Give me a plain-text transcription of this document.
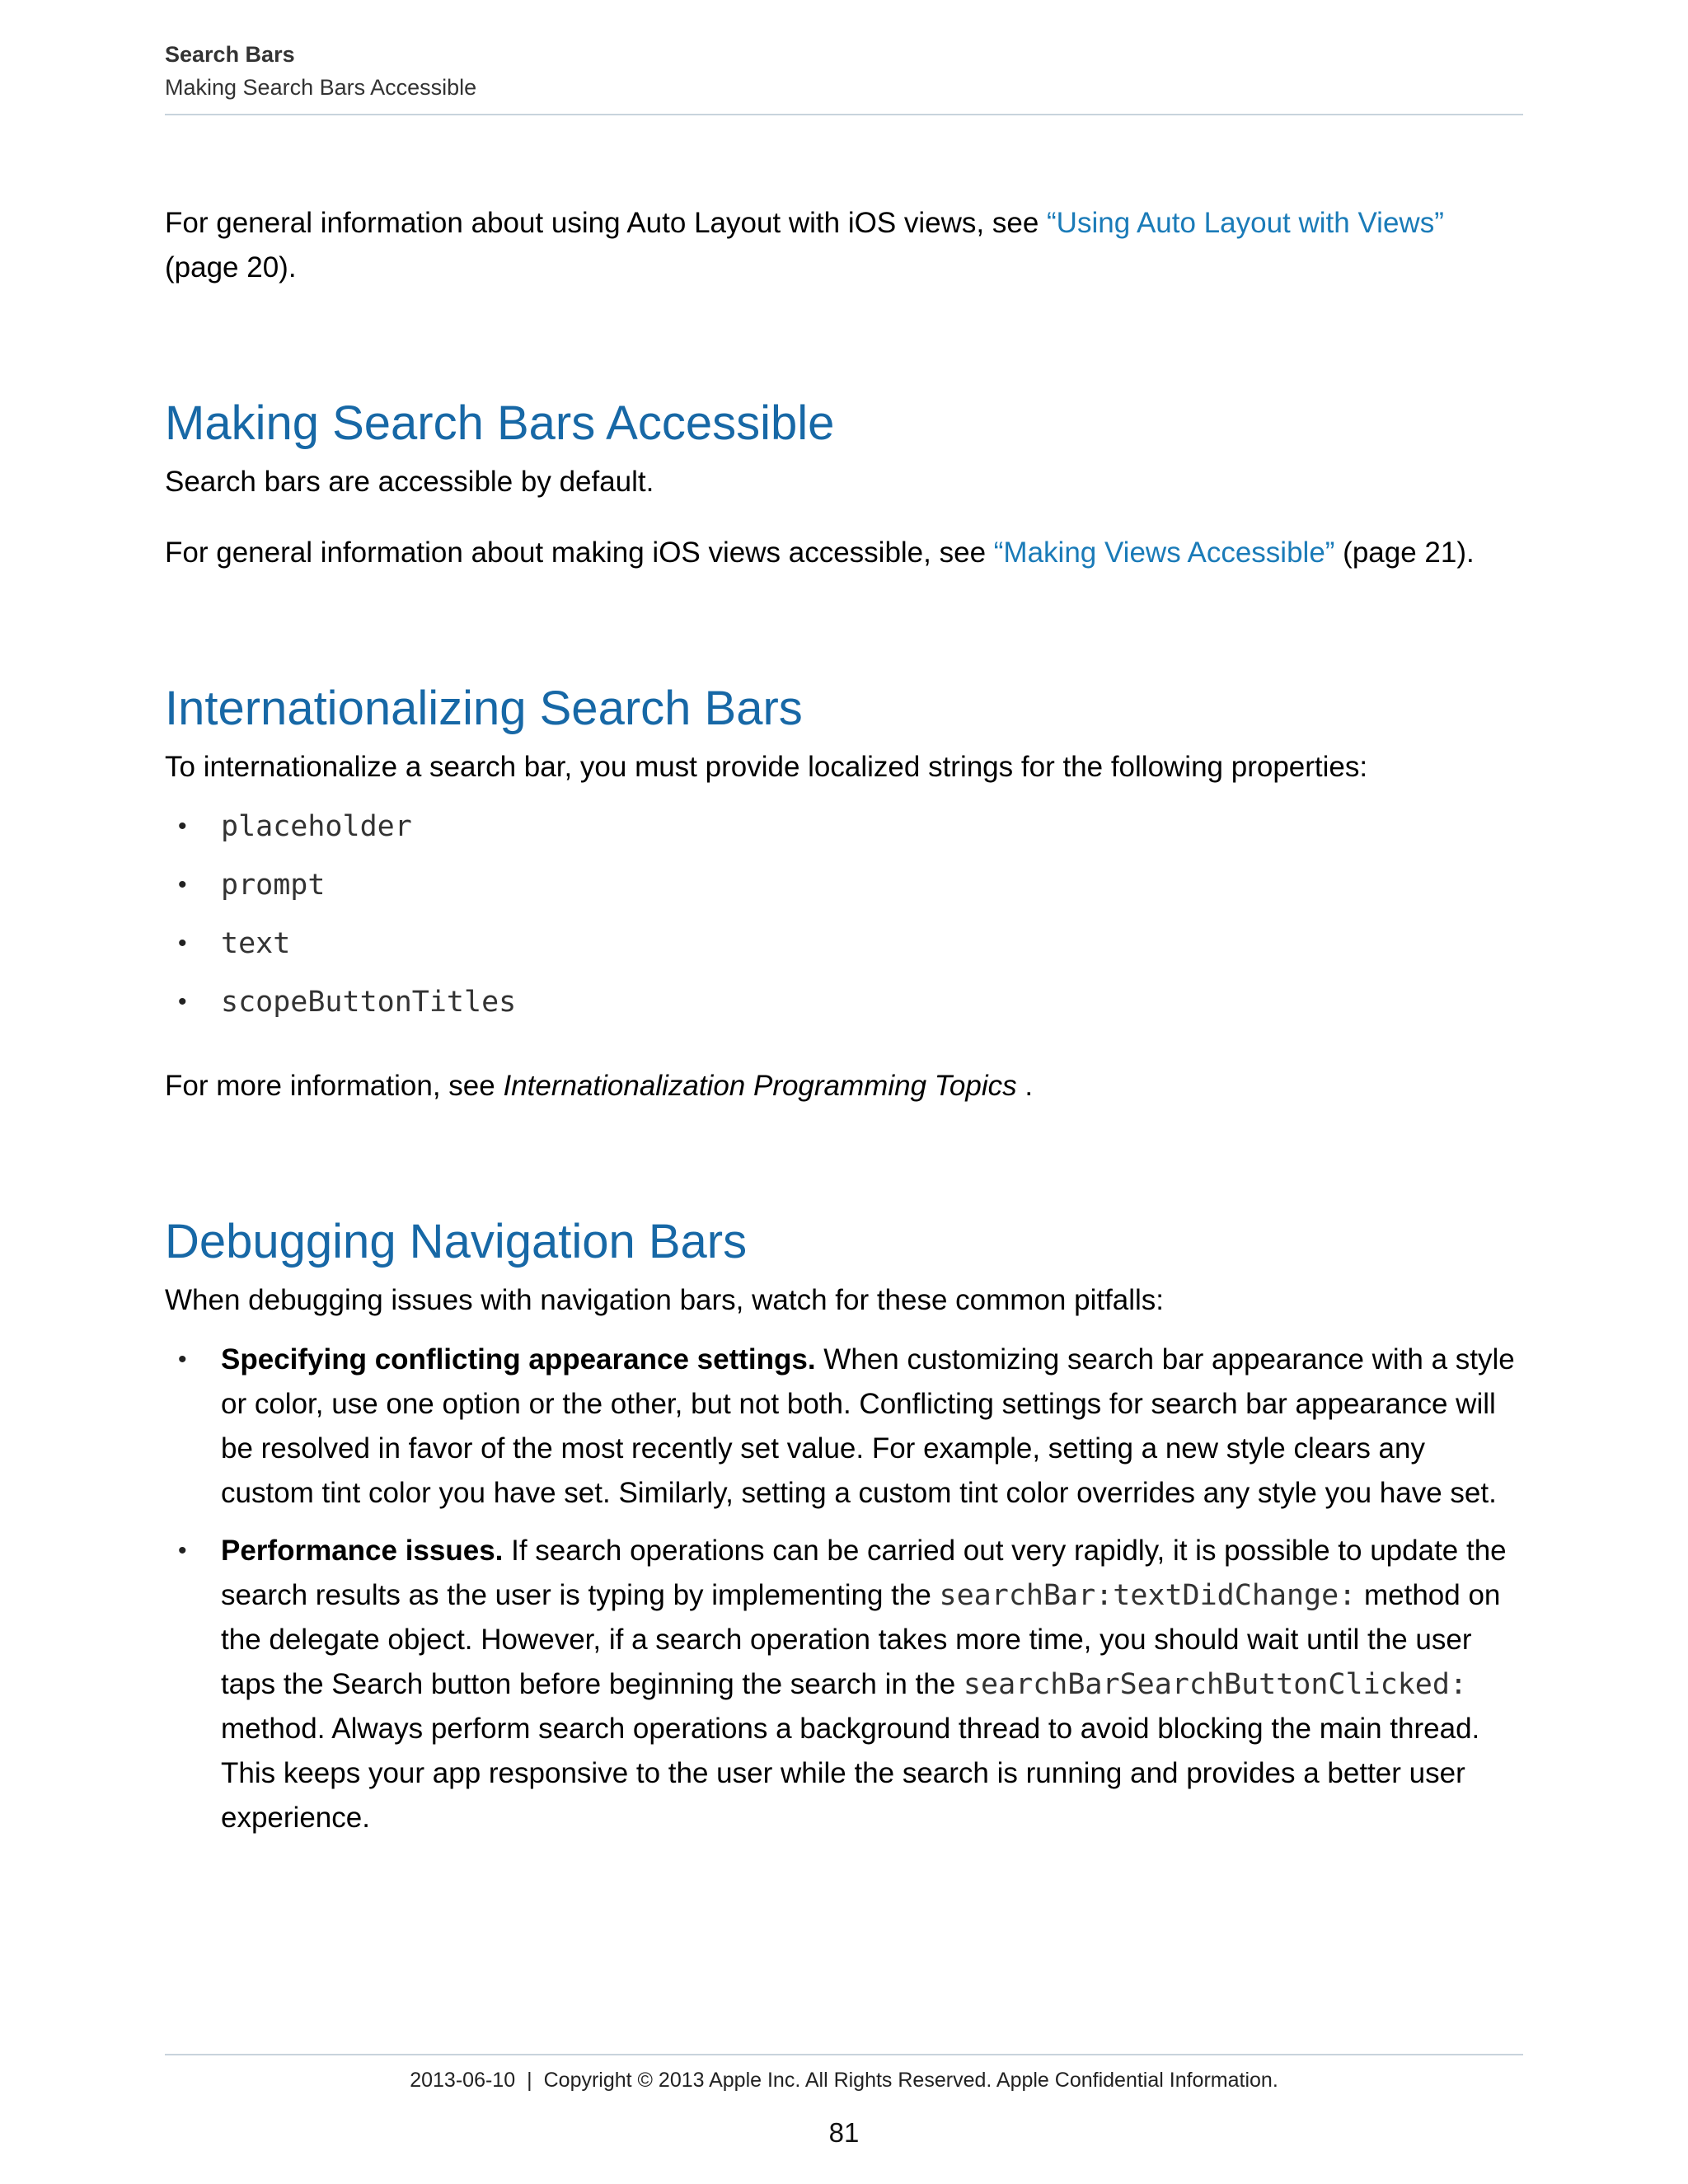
Search Bars
Making Search Bars Accessible

For general information about using Auto Layout with iOS views, see “Using Auto Layout with Views” (page 20).

Making Search Bars Accessible

Search bars are accessible by default.

For general information about making iOS views accessible, see “Making Views Accessible” (page 21).

Internationalizing Search Bars

To internationalize a search bar, you must provide localized strings for the following properties:

• placeholder
• prompt
• text
• scopeButtonTitles

For more information, see Internationalization Programming Topics .

Debugging Navigation Bars

When debugging issues with navigation bars, watch for these common pitfalls:

• Specifying conflicting appearance settings. When customizing search bar appearance with a style or color, use one option or the other, but not both. Conflicting settings for search bar appearance will be resolved in favor of the most recently set value. For example, setting a new style clears any custom tint color you have set. Similarly, setting a custom tint color overrides any style you have set.
• Performance issues. If search operations can be carried out very rapidly, it is possible to update the search results as the user is typing by implementing the searchBar:textDidChange: method on the delegate object. However, if a search operation takes more time, you should wait until the user taps the Search button before beginning the search in the searchBarSearchButtonClicked: method. Always perform search operations a background thread to avoid blocking the main thread. This keeps your app responsive to the user while the search is running and provides a better user experience.
2013-06-10 | Copyright © 2013 Apple Inc. All Rights Reserved. Apple Confidential Information.
81
